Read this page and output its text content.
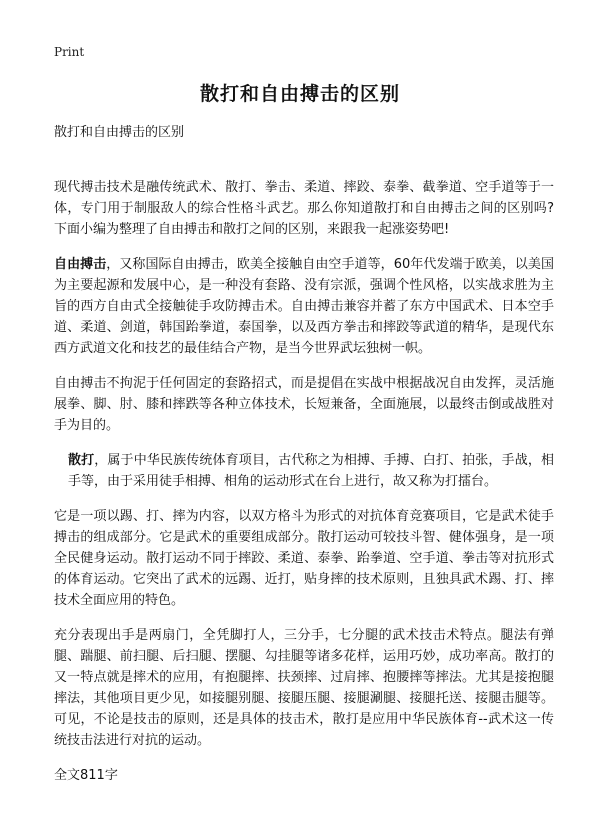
Print
散打和自由搏击的区别
散打和自由搏击的区别

现代搏击技术是融传统武术、散打、拳击、柔道、摔跤、泰拳、截拳道、空手道等于一体，专门用于制服敌人的综合性格斗武艺。那么你知道散打和自由搏击之间的区别吗?下面小编为整理了自由搏击和散打之间的区别，来跟我一起涨姿势吧!

自由搏击，又称国际自由搏击，欧美全接触自由空手道等，60年代发端于欧美，以美国为主要起源和发展中心，是一种没有套路、没有宗派，强调个性风格，以实战求胜为主旨的西方自由式全接触徒手攻防搏击术。自由搏击兼容并蓄了东方中国武术、日本空手道、柔道、剑道，韩国跆拳道，泰国拳，以及西方拳击和摔跤等武道的精华，是现代东西方武道文化和技艺的最佳结合产物，是当今世界武坛独树一帜。

自由搏击不拘泥于任何固定的套路招式，而是提倡在实战中根据战况自由发挥，灵活施展拳、脚、肘、膝和摔跌等各种立体技术，长短兼备，全面施展，以最终击倒或战胜对手为目的。

散打，属于中华民族传统体育项目，古代称之为相搏、手搏、白打、拍张，手战，相手等，由于采用徒手相搏、相角的运动形式在台上进行，故又称为打擂台。

它是一项以踢、打、摔为内容，以双方格斗为形式的对抗体育竞赛项目，它是武术徒手搏击的组成部分。它是武术的重要组成部分。散打运动可较技斗智、健体强身，是一项全民健身运动。散打运动不同于摔跤、柔道、泰拳、跆拳道、空手道、拳击等对抗形式的体育运动。它突出了武术的远踢、近打，贴身摔的技术原则，且独具武术踢、打、摔技术全面应用的特色。

充分表现出手是两扇门，全凭脚打人，三分手，七分腿的武术技击术特点。腿法有弹腿、踹腿、前扫腿、后扫腿、摆腿、勾挂腿等诸多花样，运用巧妙，成功率高。散打的又一特点就是摔术的应用，有抱腿摔、扶颈摔、过肩摔、抱腰摔等摔法。尤其是接抱腿摔法，其他项目更少见，如接腿别腿、接腿压腿、接腿涮腿、接腿托送、接腿击腿等。可见，不论是技击的原则，还是具体的技击术，散打是应用中华民族体育--武术这一传统技击法进行对抗的运动。

全文811字
